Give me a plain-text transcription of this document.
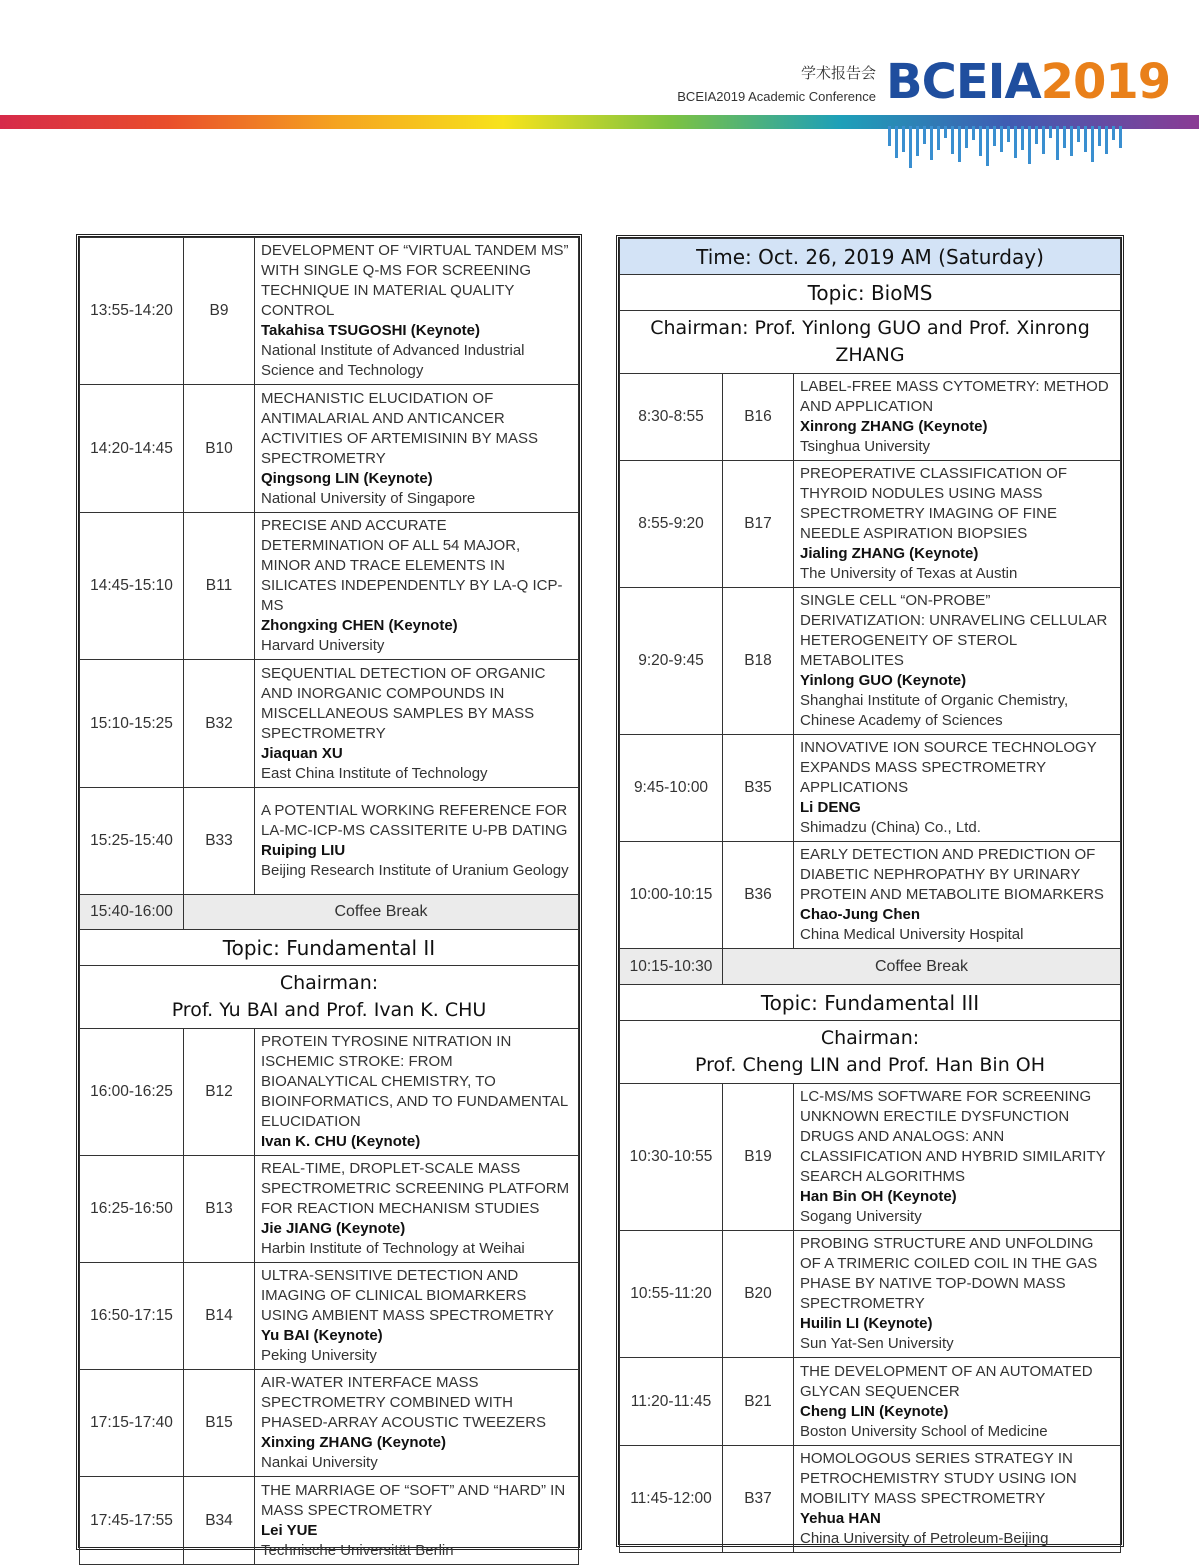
学术报告会
BCEIA2019 Academic Conference BCEIA2019
13:55-14:20	B9	DEVELOPMENT OF “VIRTUAL TANDEM MS” WITH SINGLE Q-MS FOR SCREENING TECHNIQUE IN MATERIAL QUALITY CONTROL
Takahisa TSUGOSHI (Keynote)
National Institute of Advanced Industrial Science and Technology

14:20-14:45	B10	MECHANISTIC ELUCIDATION OF ANTIMALARIAL AND ANTICANCER ACTIVITIES OF ARTEMISININ BY MASS SPECTROMETRY
Qingsong LIN (Keynote)
National University of Singapore

14:45-15:10	B11	PRECISE AND ACCURATE DETERMINATION OF ALL 54 MAJOR, MINOR AND TRACE ELEMENTS IN SILICATES INDEPENDENTLY BY LA-Q ICP-MS
Zhongxing CHEN (Keynote)
Harvard University

15:10-15:25	B32	SEQUENTIAL DETECTION OF ORGANIC AND INORGANIC COMPOUNDS IN MISCELLANEOUS SAMPLES BY MASS SPECTROMETRY
Jiaquan XU
East China Institute of Technology

15:25-15:40	B33	A POTENTIAL WORKING REFERENCE FOR LA-MC-ICP-MS CASSITERITE U-PB DATING
Ruiping LIU
Beijing Research Institute of Uranium Geology

15:40-16:00	Coffee Break	
Topic: Fundamental II		

Chairman:
Prof. Yu BAI and Prof. Ivan K. CHU		

16:00-16:25	B12	PROTEIN TYROSINE NITRATION IN ISCHEMIC STROKE: FROM BIOANALYTICAL CHEMISTRY, TO BIOINFORMATICS, AND TO FUNDAMENTAL ELUCIDATION
Ivan K. CHU (Keynote)

16:25-16:50	B13	REAL-TIME, DROPLET-SCALE MASS SPECTROMETRIC SCREENING PLATFORM FOR REACTION MECHANISM STUDIES
Jie JIANG (Keynote)
Harbin Institute of Technology at Weihai

16:50-17:15	B14	ULTRA-SENSITIVE DETECTION AND IMAGING OF CLINICAL BIOMARKERS USING AMBIENT MASS SPECTROMETRY
Yu BAI (Keynote)
Peking University

17:15-17:40	B15	AIR-WATER INTERFACE MASS SPECTROMETRY COMBINED WITH PHASED-ARRAY ACOUSTIC TWEEZERS
Xinxing ZHANG (Keynote)
Nankai University

17:45-17:55	B34	THE MARRIAGE OF “SOFT” AND “HARD” IN MASS SPECTROMETRY
Lei YUE
Technische Universität Berlin
Time: Oct. 26, 2019 AM (Saturday)		
Topic: BioMS		
Chairman: Prof. Yinlong GUO and Prof. Xinrong ZHANG		
8:30-8:55	B16	LABEL-FREE MASS CYTOMETRY: METHOD AND APPLICATION
Xinrong ZHANG (Keynote)
Tsinghua University

8:55-9:20	B17	PREOPERATIVE CLASSIFICATION OF THYROID NODULES USING MASS SPECTROMETRY IMAGING OF FINE NEEDLE ASPIRATION BIOPSIES
Jialing ZHANG (Keynote)
The University of Texas at Austin

9:20-9:45	B18	SINGLE CELL “ON-PROBE” DERIVATIZATION: UNRAVELING CELLULAR HETEROGENEITY OF STEROL METABOLITES
Yinlong GUO (Keynote)
Shanghai Institute of Organic Chemistry, Chinese Academy of Sciences

9:45-10:00	B35	INNOVATIVE ION SOURCE TECHNOLOGY EXPANDS MASS SPECTROMETRY APPLICATIONS
Li DENG
Shimadzu (China) Co., Ltd.

10:00-10:15	B36	EARLY DETECTION AND PREDICTION OF DIABETIC NEPHROPATHY BY URINARY PROTEIN AND METABOLITE BIOMARKERS
Chao-Jung Chen
China Medical University Hospital

10:15-10:30	Coffee Break	
Topic: Fundamental III		

Chairman:
Prof. Cheng LIN and Prof. Han Bin OH		

10:30-10:55	B19	LC-MS/MS SOFTWARE FOR SCREENING UNKNOWN ERECTILE DYSFUNCTION DRUGS AND ANALOGS: ANN CLASSIFICATION AND HYBRID SIMILARITY SEARCH ALGORITHMS
Han Bin OH (Keynote)
Sogang University

10:55-11:20	B20	PROBING STRUCTURE AND UNFOLDING OF A TRIMERIC COILED COIL IN THE GAS PHASE BY NATIVE TOP-DOWN MASS SPECTROMETRY
Huilin LI (Keynote)
Sun Yat-Sen University

11:20-11:45	B21	THE DEVELOPMENT OF AN AUTOMATED GLYCAN SEQUENCER
Cheng LIN (Keynote)
Boston University School of Medicine

11:45-12:00	B37	HOMOLOGOUS SERIES STRATEGY IN PETROCHEMISTRY STUDY USING ION MOBILITY MASS SPECTROMETRY
Yehua HAN
China University of Petroleum-Beijing
